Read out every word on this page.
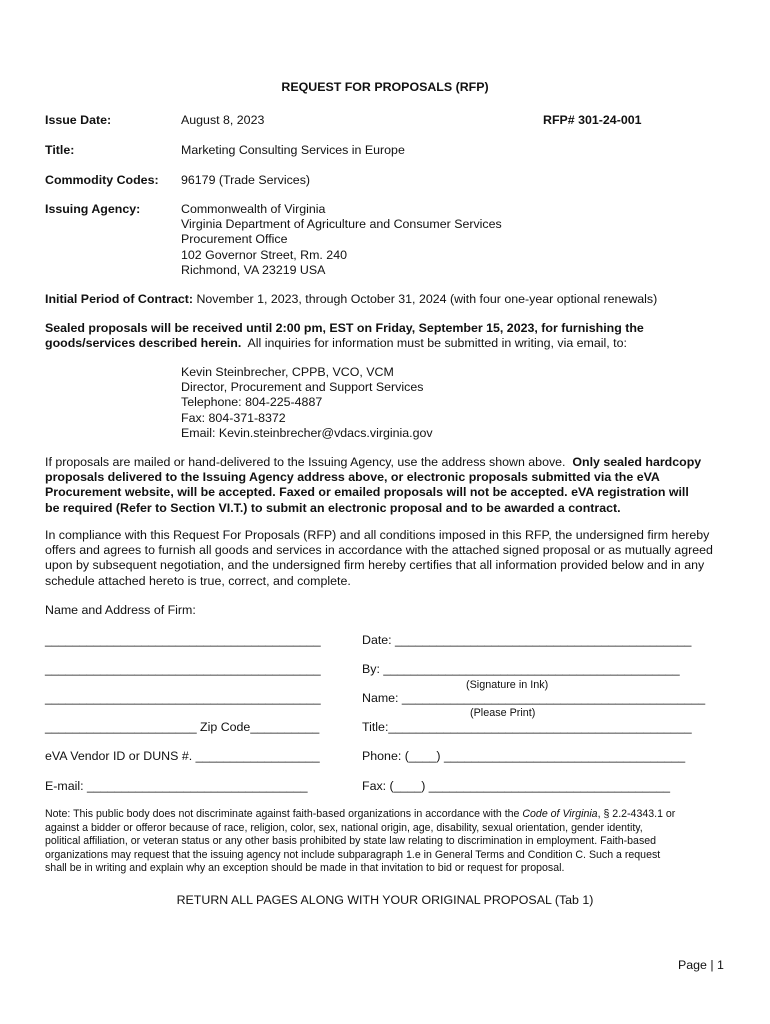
REQUEST FOR PROPOSALS (RFP)
Issue Date:	August 8, 2023	RFP# 301-24-001
Title:	Marketing Consulting Services in Europe
Commodity Codes: 96179 (Trade Services)
Issuing Agency:	Commonwealth of Virginia
Virginia Department of Agriculture and Consumer Services
Procurement Office
102 Governor Street, Rm. 240
Richmond, VA 23219 USA
Initial Period of Contract: November 1, 2023, through October 31, 2024 (with four one-year optional renewals)
Sealed proposals will be received until 2:00 pm, EST on Friday, September 15, 2023, for furnishing the
goods/services described herein. All inquiries for information must be submitted in writing, via email, to:
Kevin Steinbrecher, CPPB, VCO, VCM
Director, Procurement and Support Services
Telephone: 804-225-4887
Fax: 804-371-8372
Email: Kevin.steinbrecher@vdacs.virginia.gov
If proposals are mailed or hand-delivered to the Issuing Agency, use the address shown above. Only sealed hardcopy
proposals delivered to the Issuing Agency address above, or electronic proposals submitted via the eVA
Procurement website, will be accepted. Faxed or emailed proposals will not be accepted. eVA registration will
be required (Refer to Section VI.T.) to submit an electronic proposal and to be awarded a contract.
In compliance with this Request For Proposals (RFP) and all conditions imposed in this RFP, the undersigned firm hereby
offers and agrees to furnish all goods and services in accordance with the attached signed proposal or as mutually agreed
upon by subsequent negotiation, and the undersigned firm hereby certifies that all information provided below and in any
schedule attached hereto is true, correct, and complete.
Name and Address of Firm:
________________________________________
________________________________________
________________________________________
______________________ Zip Code__________
eVA Vendor ID or DUNS #. __________________
E-mail: ________________________________
Date: ___________________________________________
By: ___________________________________________
(Signature in Ink)
Name: ____________________________________________
(Please Print)
Title:____________________________________________
Phone: (____) ___________________________________
Fax: (____) ___________________________________
Note: This public body does not discriminate against faith-based organizations in accordance with the Code of Virginia, § 2.2-4343.1 or
against a bidder or offeror because of race, religion, color, sex, national origin, age, disability, sexual orientation, gender identity,
political affiliation, or veteran status or any other basis prohibited by state law relating to discrimination in employment. Faith-based
organizations may request that the issuing agency not include subparagraph 1.e in General Terms and Condition C. Such a request
shall be in writing and explain why an exception should be made in that invitation to bid or request for proposal.
RETURN ALL PAGES ALONG WITH YOUR ORIGINAL PROPOSAL (Tab 1)
Page | 1
